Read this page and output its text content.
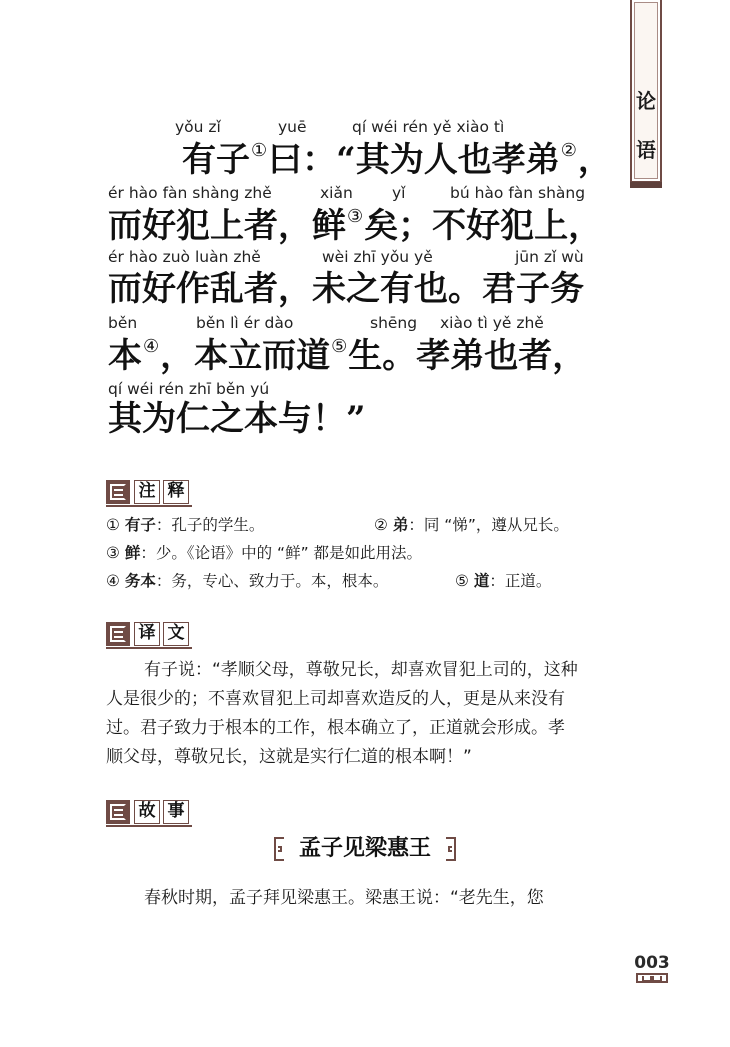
论
语
yǒu zǐ	yuē	qí wéi rén yě xiào tì
有子①曰：“其为人也孝弟②，
ér hào fàn shàng zhě	xiǎn	yǐ	bú hào fàn shàng
而好犯上者，鲜③矣；不好犯上，
ér hào zuò luàn zhě	wèi zhī yǒu yě	jūn zǐ wù
而好作乱者，未之有也。君子务
běn	běn lì ér dào	shēng xiào tì yě zhě
本④，本立而道⑤生。孝弟也者，
qí wéi rén zhī běn yú
其为仁之本与！”
注 释
① 有子：孔子的学生。	② 弟：同 “悌”，遵从兄长。
③ 鲜：少。《论语》中的 “鲜” 都是如此用法。
④ 务本：务，专心、致力于。本，根本。	⑤ 道：正道。
译 文
有子说：“孝顺父母，尊敬兄长，却喜欢冒犯上司的，这种
人是很少的；不喜欢冒犯上司却喜欢造反的人，更是从来没有
过。君子致力于根本的工作，根本确立了，正道就会形成。孝
顺父母，尊敬兄长，这就是实行仁道的根本啊！”
故 事
孟子见梁惠王
春秋时期，孟子拜见梁惠王。梁惠王说：“老先生，您
003
